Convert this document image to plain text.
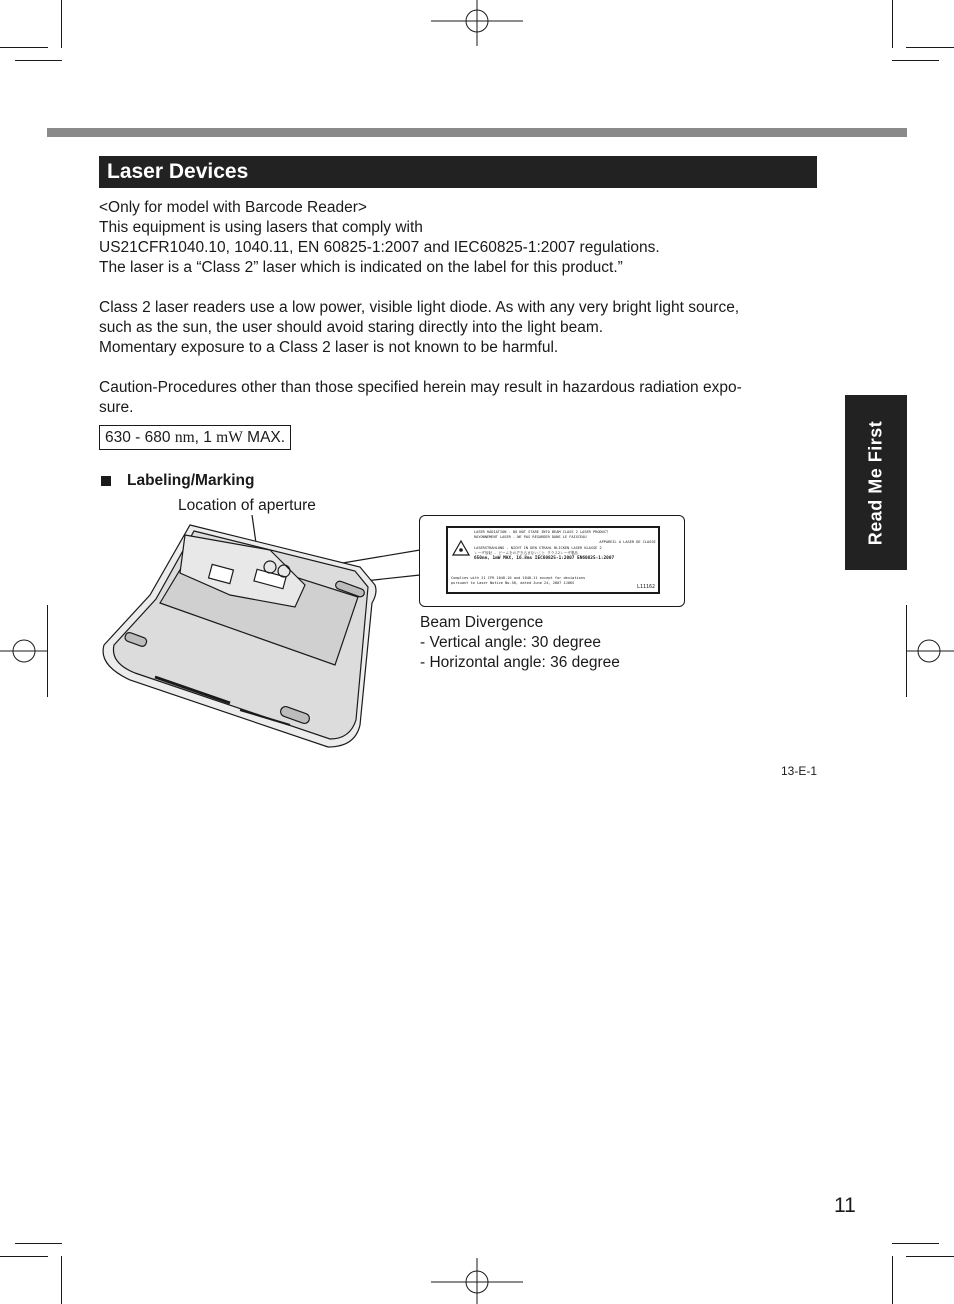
Laser Devices
Read Me First
<Only for model with Barcode Reader>
This equipment is using lasers that comply with
US21CFR1040.10, 1040.11, EN 60825-1:2007 and IEC60825-1:2007 regulations.
The laser is a “Class 2” laser which is indicated on the label for this product.”
Class 2 laser readers use a low power, visible light diode. As with any very bright light source,
such as the sun, the user should avoid staring directly into the light beam.
Momentary exposure to a Class 2 laser is not known to be harmful.
Caution-Procedures other than those specified herein may result in hazardous radiation expo-
sure.
630 - 680 nm, 1 mW MAX.
Labeling/Marking
Location of aperture
LASER RADIATION - DO NOT STARE INTO BEAM CLASS 2 LASER PRODUCT
RAYONNEMENT LASER - NE PAS REGARDER DANS LE FAISCEAU
APPAREIL A LASER DE CLASSE 2
LASERSTRAHLUNG - NICHT IN DEN STRAHL BLICKEN LASER KLASSE 2
レーザ放射 - ビームをのぞき込まないこと クラス2レーザ製品
650nm, 1mW MAX, 16.8ms IEC60825-1:2007 EN60825-1:2007
Complies with 21 CFR 1040.10 and 1040.11 except for deviations
pursuant to Laser Notice No.50, dated June 24, 2007 1J0KS
L11162
Beam Divergence
- Vertical angle: 30 degree
- Horizontal angle: 36 degree
13-E-1
11
